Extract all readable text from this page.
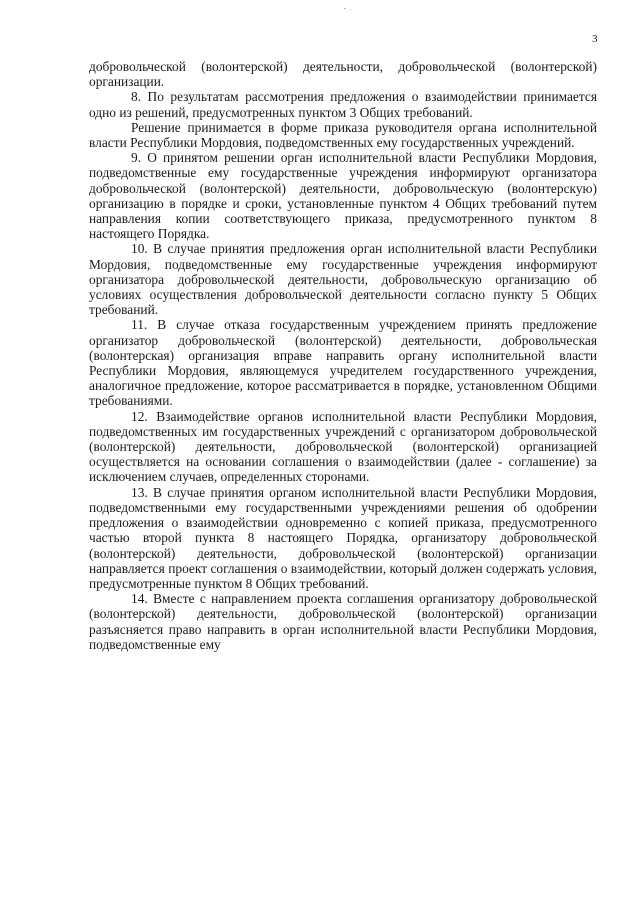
3

добровольческой (волонтерской) деятельности, добровольческой (волонтерской) организации.

8. По результатам рассмотрения предложения о взаимодействии принимается одно из решений, предусмотренных пунктом 3 Общих требований.

Решение принимается в форме приказа руководителя органа исполнительной власти Республики Мордовия, подведомственных ему государственных учреждений.

9. О принятом решении орган исполнительной власти Республики Мордовия, подведомственные ему государственные учреждения информируют организатора добровольческой (волонтерской) деятельности, добровольческую (волонтерскую) организацию в порядке и сроки, установленные пунктом 4 Общих требований путем направления копии соответствующего приказа, предусмотренного пунктом 8 настоящего Порядка.

10. В случае принятия предложения орган исполнительной власти Республики Мордовия, подведомственные ему государственные учреждения информируют организатора добровольческой деятельности, добровольческую организацию об условиях осуществления добровольческой деятельности согласно пункту 5 Общих требований.

11. В случае отказа государственным учреждением принять предложение организатор добровольческой (волонтерской) деятельности, добровольческая (волонтерская) организация вправе направить органу исполнительной власти Республики Мордовия, являющемуся учредителем государственного учреждения, аналогичное предложение, которое рассматривается в порядке, установленном Общими требованиями.

12. Взаимодействие органов исполнительной власти Республики Мордовия, подведомственных им государственных учреждений с организатором добровольческой (волонтерской) деятельности, добровольческой (волонтерской) организацией осуществляется на основании соглашения о взаимодействии (далее - соглашение) за исключением случаев, определенных сторонами.

13. В случае принятия органом исполнительной власти Республики Мордовия, подведомственными ему государственными учреждениями решения об одобрении предложения о взаимодействии одновременно с копией приказа, предусмотренного частью второй пункта 8 настоящего Порядка, организатору добровольческой (волонтерской) деятельности, добровольческой (волонтерской) организации направляется проект соглашения о взаимодействии, который должен содержать условия, предусмотренные пунктом 8 Общих требований.

14. Вместе с направлением проекта соглашения организатору добровольческой (волонтерской) деятельности, добровольческой (волонтерской) организации разъясняется право направить в орган исполнительной власти Республики Мордовия, подведомственные ему
